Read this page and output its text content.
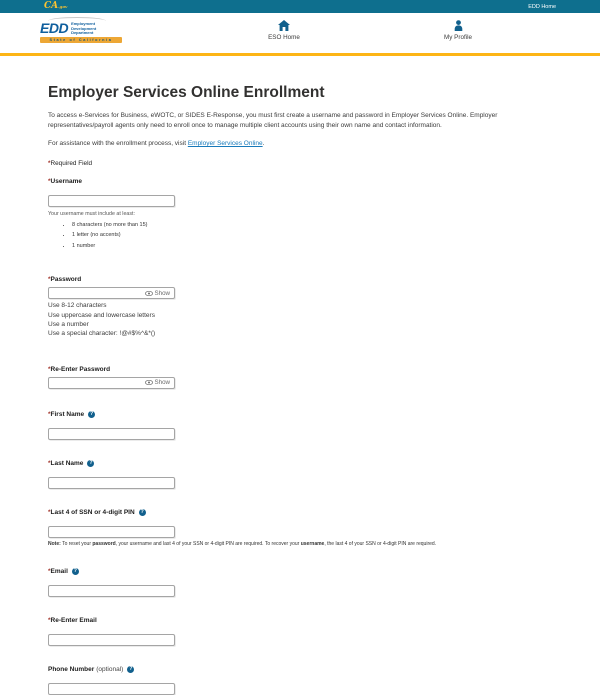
CA.gov	EDD Home
EDD Employment
Development
Department
State of California	ESO Home	My Profile
Employer Services Online Enrollment

To access e-Services for Business, eWOTC, or SIDES E-Response, you must first create a username and password in Employer Services Online. Employer representatives/payroll agents only need to enroll once to manage multiple client accounts using their own name and contact information.

For assistance with the enrollment process, visit Employer Services Online.

*Required Field

* Username
Your username must include at least:
• 8 characters (no more than 15)
• 1 letter (no accents)
• 1 number
* Password
Show
Use 8-12 characters
Use uppercase and lowercase letters
Use a number
Use a special character: !@#$%^&*()
* Re-Enter Password
Show
* First Name
?
* Last Name
?
* Last 4 of SSN or 4-digit PIN
?
Note: To reset your password, your username and last 4 of your SSN or 4-digit PIN are required. To recover your username, the last 4 of your SSN or 4-digit PIN are required.
* Email
?
* Re-Enter Email
Phone Number (optional)
?
